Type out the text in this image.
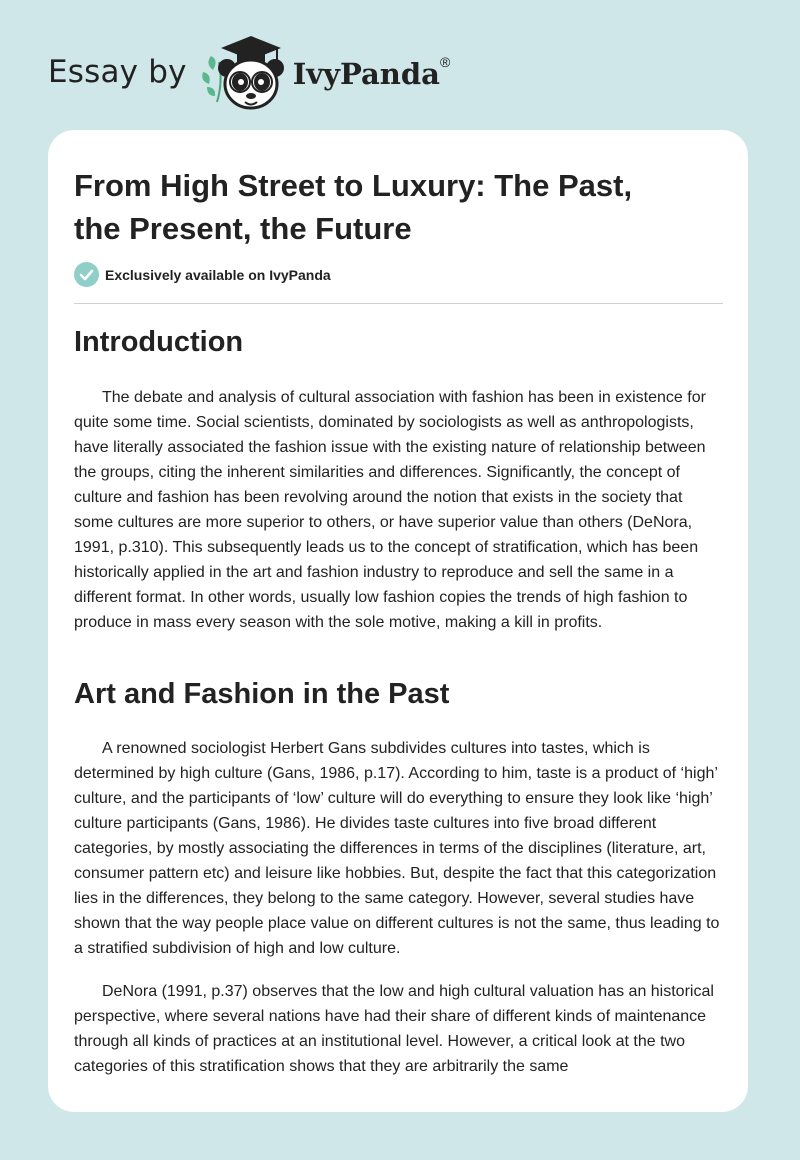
Essay by	IvyPanda®
From High Street to Luxury: The Past,
the Present, the Future
Exclusively available on IvyPanda
Introduction

The debate and analysis of cultural association with fashion has been in existence for quite some time. Social scientists, dominated by sociologists as well as anthropologists, have literally associated the fashion issue with the existing nature of relationship between the groups, citing the inherent similarities and differences. Significantly, the concept of culture and fashion has been revolving around the notion that exists in the society that some cultures are more superior to others, or have superior value than others (DeNora, 1991, p.310). This subsequently leads us to the concept of stratification, which has been historically applied in the art and fashion industry to reproduce and sell the same in a different format. In other words, usually low fashion copies the trends of high fashion to produce in mass every season with the sole motive, making a kill in profits.

Art and Fashion in the Past

A renowned sociologist Herbert Gans subdivides cultures into tastes, which is determined by high culture (Gans, 1986, p.17). According to him, taste is a product of ‘high’ culture, and the participants of ‘low’ culture will do everything to ensure they look like ‘high’ culture participants (Gans, 1986). He divides taste cultures into five broad different categories, by mostly associating the differences in terms of the disciplines (literature, art, consumer pattern etc) and leisure like hobbies. But, despite the fact that this categorization lies in the differences, they belong to the same category. However, several studies have shown that the way people place value on different cultures is not the same, thus leading to a stratified subdivision of high and low culture.

DeNora (1991, p.37) observes that the low and high cultural valuation has an historical perspective, where several nations have had their share of different kinds of maintenance through all kinds of practices at an institutional level. However, a critical look at the two categories of this stratification shows that they are arbitrarily the same
